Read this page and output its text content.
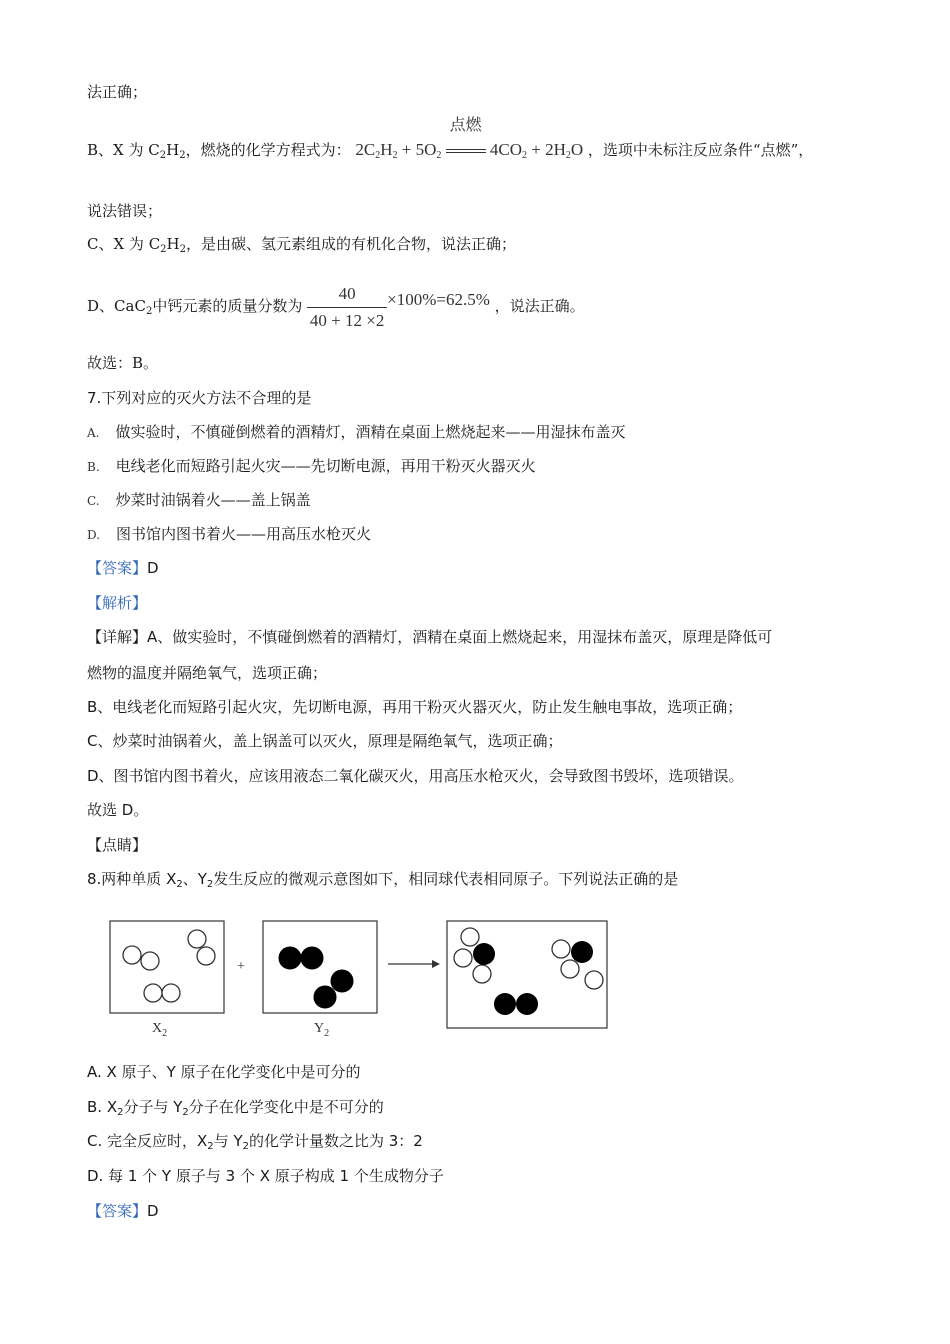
法正确；
B、X 为 $C_2H_2$，燃烧的化学方程式为： $2C_2H_2 + 5O_2$
点燃
$4CO_2 + 2H_2O$ ，选项中未标注反应条件“点燃”，
说法错误；
C、X 为 $C_2H_2$，是由碳、氢元素组成的有机化合物，说法正确；
D、CaC$_2$中钙元素的质量分数为 $\frac{40}{40 + 12 \times 2} \times 100\%=62.5\%$ ，说法正确。
故选：B。
7.下列对应的灭火方法不合理的是
A. 做实验时，不慎碰倒燃着的酒精灯，酒精在桌面上燃烧起来——用湿抹布盖灭
B. 电线老化而短路引起火灾——先切断电源，再用干粉灭火器灭火
C. 炒菜时油锅着火——盖上锅盖
D. 图书馆内图书着火——用高压水枪灭火
【答案】D
【解析】
【详解】A、做实验时，不慎碰倒燃着的酒精灯，酒精在桌面上燃烧起来，用湿抹布盖灭，原理是降低可
燃物的温度并隔绝氧气，选项正确；
B、电线老化而短路引起火灾，先切断电源，再用干粉灭火器灭火，防止发生触电事故，选项正确；
C、炒菜时油锅着火，盖上锅盖可以灭火，原理是隔绝氧气，选项正确；
D、图书馆内图书着火，应该用液态二氧化碳灭火，用高压水枪灭火，会导致图书毁坏，选项错误。
故选 D。
【点睛】
8.两种单质 $X_2$、$Y_2$发生反应的微观示意图如下，相同球代表相同原子。下列说法正确的是
$X_2$
+
$Y_2$
A. X 原子、Y 原子在化学变化中是可分的
B. $X_2$分子与 $Y_2$分子在化学变化中是不可分的
C. 完全反应时，$X_2$与 $Y_2$的化学计量数之比为 3：2
D. 每 1 个 Y 原子与 3 个 X 原子构成 1 个生成物分子
【答案】D
